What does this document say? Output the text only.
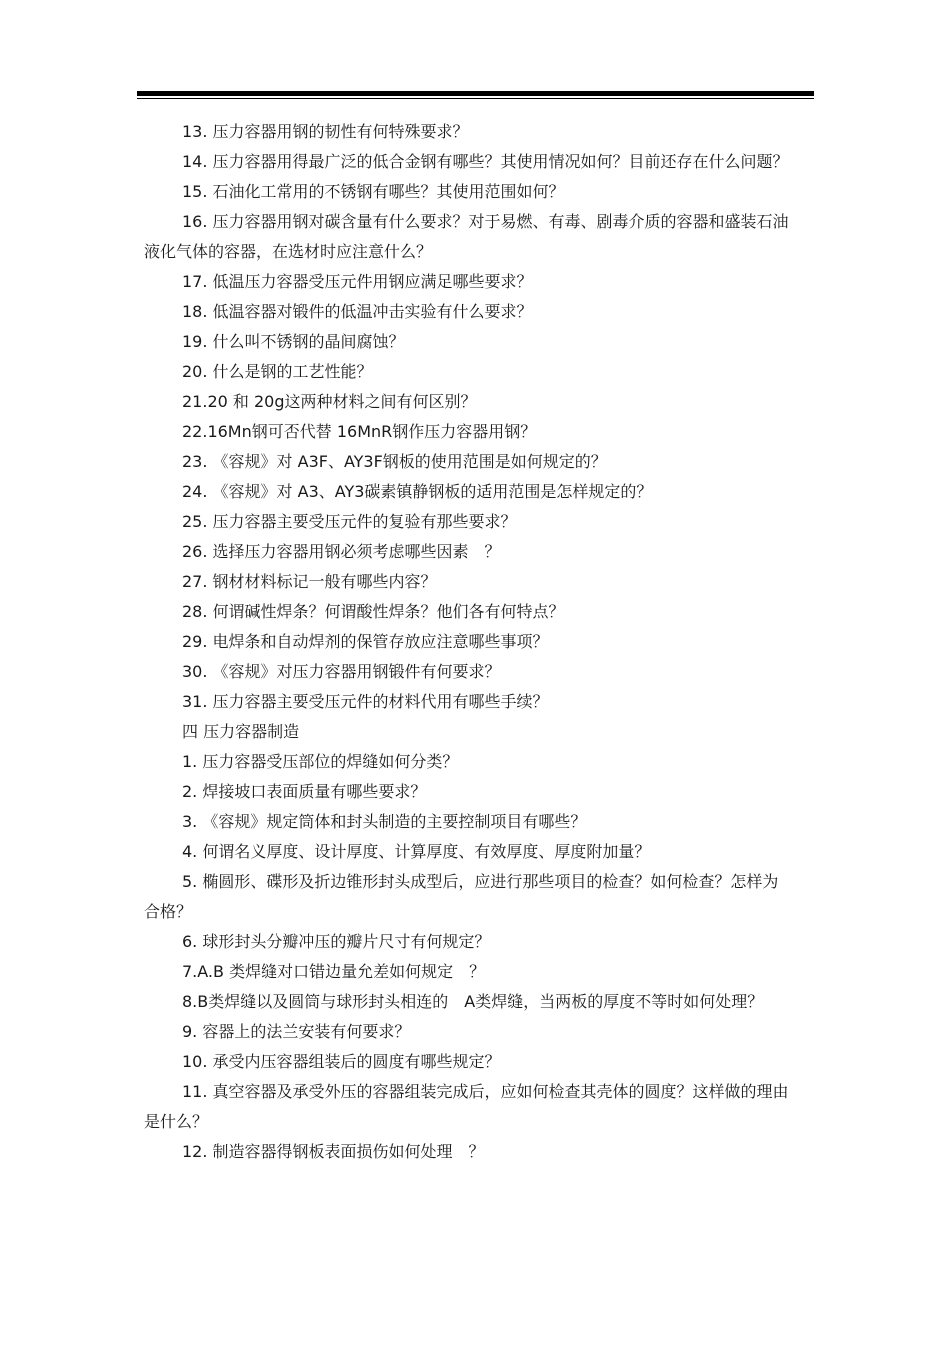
13. 压力容器用钢的韧性有何特殊要求？

14. 压力容器用得最广泛的低合金钢有哪些？其使用情况如何？目前还存在什么问题？

15. 石油化工常用的不锈钢有哪些？其使用范围如何？

16. 压力容器用钢对碳含量有什么要求？对于易燃、有毒、剧毒介质的容器和盛装石油液化气体的容器，在选材时应注意什么？

17. 低温压力容器受压元件用钢应满足哪些要求？

18. 低温容器对锻件的低温冲击实验有什么要求？

19. 什么叫不锈钢的晶间腐蚀？

20. 什么是钢的工艺性能？

21.20 和 20g这两种材料之间有何区别？

22.16Mn钢可否代替 16MnR钢作压力容器用钢？

23. 《容规》对 A3F、AY3F钢板的使用范围是如何规定的？

24. 《容规》对 A3、AY3碳素镇静钢板的适用范围是怎样规定的？

25. 压力容器主要受压元件的复验有那些要求？

26. 选择压力容器用钢必须考虑哪些因素　？

27. 钢材材料标记一般有哪些内容？

28. 何谓碱性焊条？何谓酸性焊条？他们各有何特点？

29. 电焊条和自动焊剂的保管存放应注意哪些事项？

30. 《容规》对压力容器用钢锻件有何要求？

31. 压力容器主要受压元件的材料代用有哪些手续？

四 压力容器制造

1. 压力容器受压部位的焊缝如何分类？

2. 焊接坡口表面质量有哪些要求？

3. 《容规》规定筒体和封头制造的主要控制项目有哪些？

4. 何谓名义厚度、设计厚度、计算厚度、有效厚度、厚度附加量？

5. 椭圆形、碟形及折边锥形封头成型后，应进行那些项目的检查？如何检查？怎样为合格？

6. 球形封头分瓣冲压的瓣片尺寸有何规定？

7.A.B 类焊缝对口错边量允差如何规定　？

8.B类焊缝以及圆筒与球形封头相连的　A类焊缝，当两板的厚度不等时如何处理？

9. 容器上的法兰安装有何要求？

10. 承受内压容器组装后的圆度有哪些规定？

11. 真空容器及承受外压的容器组装完成后，应如何检查其壳体的圆度？这样做的理由是什么？

12. 制造容器得钢板表面损伤如何处理　？
